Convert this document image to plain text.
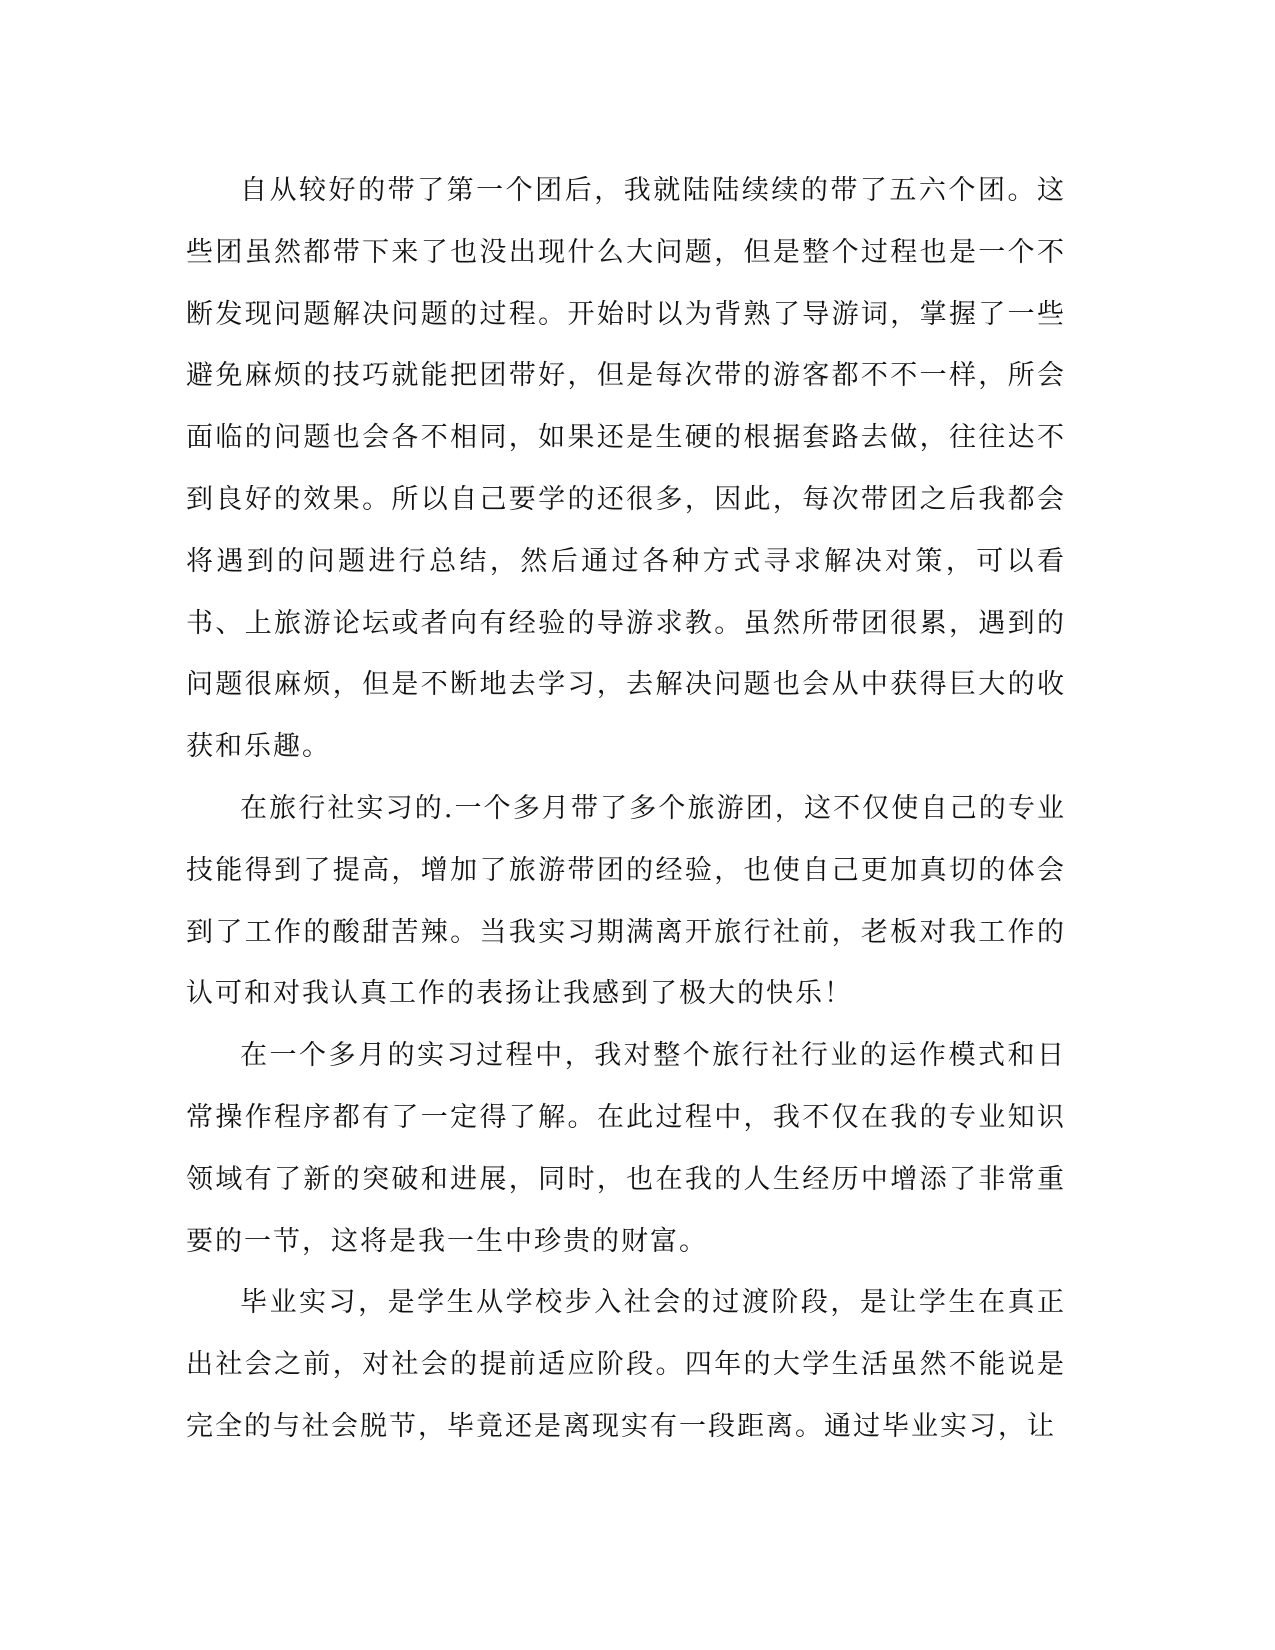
自从较好的带了第一个团后，我就陆陆续续的带了五六个团。这些团虽然都带下来了也没出现什么大问题，但是整个过程也是一个不断发现问题解决问题的过程。开始时以为背熟了导游词，掌握了一些避免麻烦的技巧就能把团带好，但是每次带的游客都不不一样，所会面临的问题也会各不相同，如果还是生硬的根据套路去做，往往达不到良好的效果。所以自己要学的还很多，因此，每次带团之后我都会将遇到的问题进行总结，然后通过各种方式寻求解决对策，可以看书、上旅游论坛或者向有经验的导游求教。虽然所带团很累，遇到的问题很麻烦，但是不断地去学习，去解决问题也会从中获得巨大的收获和乐趣。

在旅行社实习的.一个多月带了多个旅游团，这不仅使自己的专业技能得到了提高，增加了旅游带团的经验，也使自己更加真切的体会到了工作的酸甜苦辣。当我实习期满离开旅行社前，老板对我工作的认可和对我认真工作的表扬让我感到了极大的快乐！

在一个多月的实习过程中，我对整个旅行社行业的运作模式和日常操作程序都有了一定得了解。在此过程中，我不仅在我的专业知识领域有了新的突破和进展，同时，也在我的人生经历中增添了非常重要的一节，这将是我一生中珍贵的财富。

毕业实习，是学生从学校步入社会的过渡阶段，是让学生在真正出社会之前，对社会的提前适应阶段。四年的大学生活虽然不能说是完全的与社会脱节，毕竟还是离现实有一段距离。通过毕业实习，让
